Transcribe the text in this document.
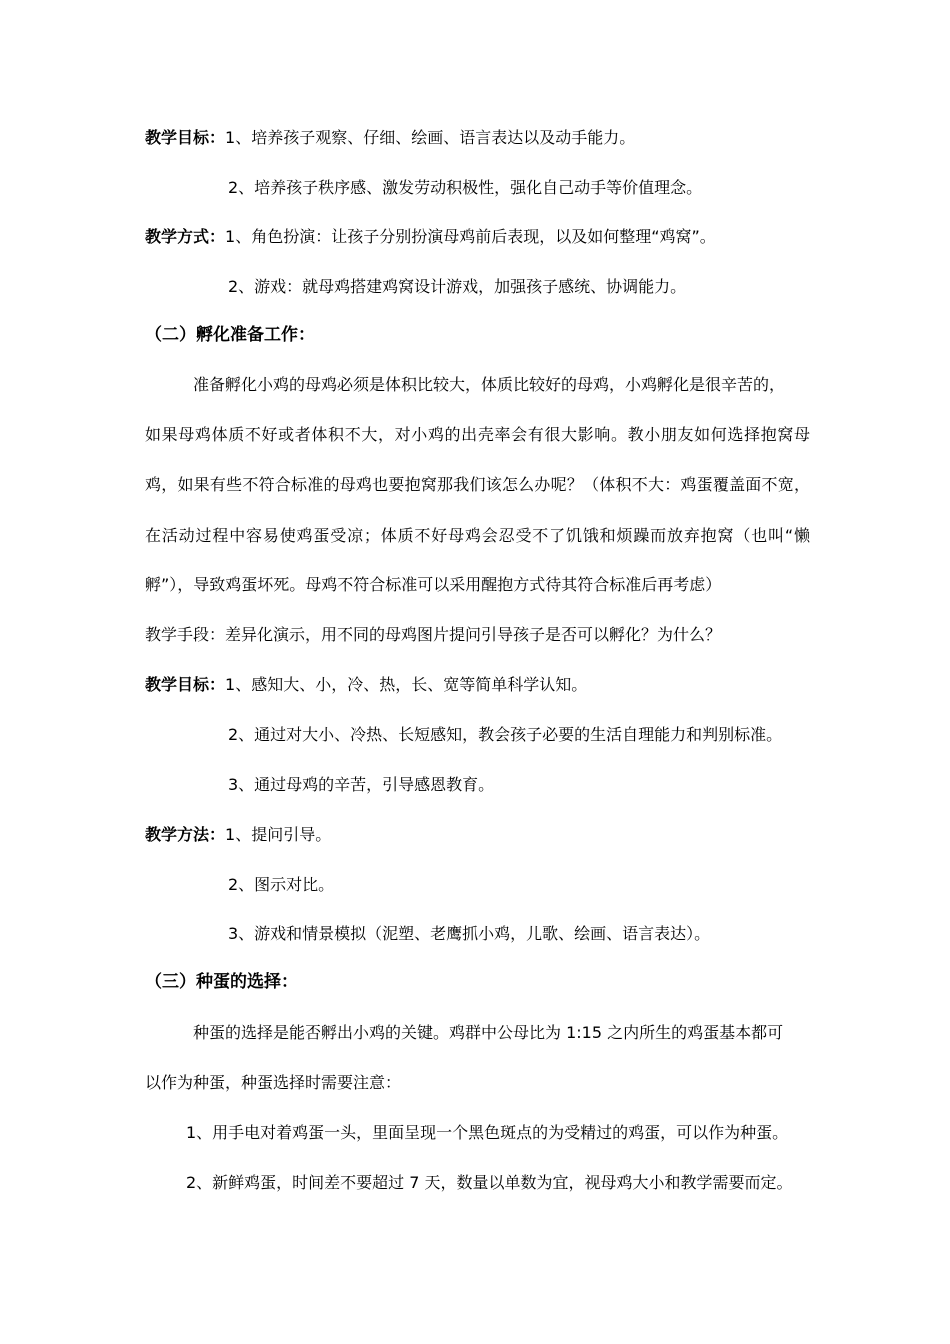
教学目标：1、培养孩子观察、仔细、绘画、语言表达以及动手能力。
2、培养孩子秩序感、激发劳动积极性，强化自己动手等价值理念。
教学方式：1、角色扮演：让孩子分别扮演母鸡前后表现，以及如何整理“鸡窝”。
2、游戏：就母鸡搭建鸡窝设计游戏，加强孩子感统、协调能力。
（二）孵化准备工作：
准备孵化小鸡的母鸡必须是体积比较大，体质比较好的母鸡，小鸡孵化是很辛苦的，
如果母鸡体质不好或者体积不大，对小鸡的出壳率会有很大影响。教小朋友如何选择抱窝母
鸡，如果有些不符合标准的母鸡也要抱窝那我们该怎么办呢？（体积不大：鸡蛋覆盖面不宽，
在活动过程中容易使鸡蛋受凉；体质不好母鸡会忍受不了饥饿和烦躁而放弃抱窝（也叫“懒
孵”），导致鸡蛋坏死。母鸡不符合标准可以采用醒抱方式待其符合标准后再考虑）
教学手段：差异化演示，用不同的母鸡图片提问引导孩子是否可以孵化？为什么？
教学目标：1、感知大、小，冷、热，长、宽等简单科学认知。
2、通过对大小、冷热、长短感知，教会孩子必要的生活自理能力和判别标准。
3、通过母鸡的辛苦，引导感恩教育。
教学方法：1、提问引导。
2、图示对比。
3、游戏和情景模拟（泥塑、老鹰抓小鸡，儿歌、绘画、语言表达）。
（三）种蛋的选择：
种蛋的选择是能否孵出小鸡的关键。鸡群中公母比为 1:15 之内所生的鸡蛋基本都可
以作为种蛋，种蛋选择时需要注意：
1、用手电对着鸡蛋一头，里面呈现一个黑色斑点的为受精过的鸡蛋，可以作为种蛋。
2、新鲜鸡蛋，时间差不要超过 7 天，数量以单数为宜，视母鸡大小和教学需要而定。
